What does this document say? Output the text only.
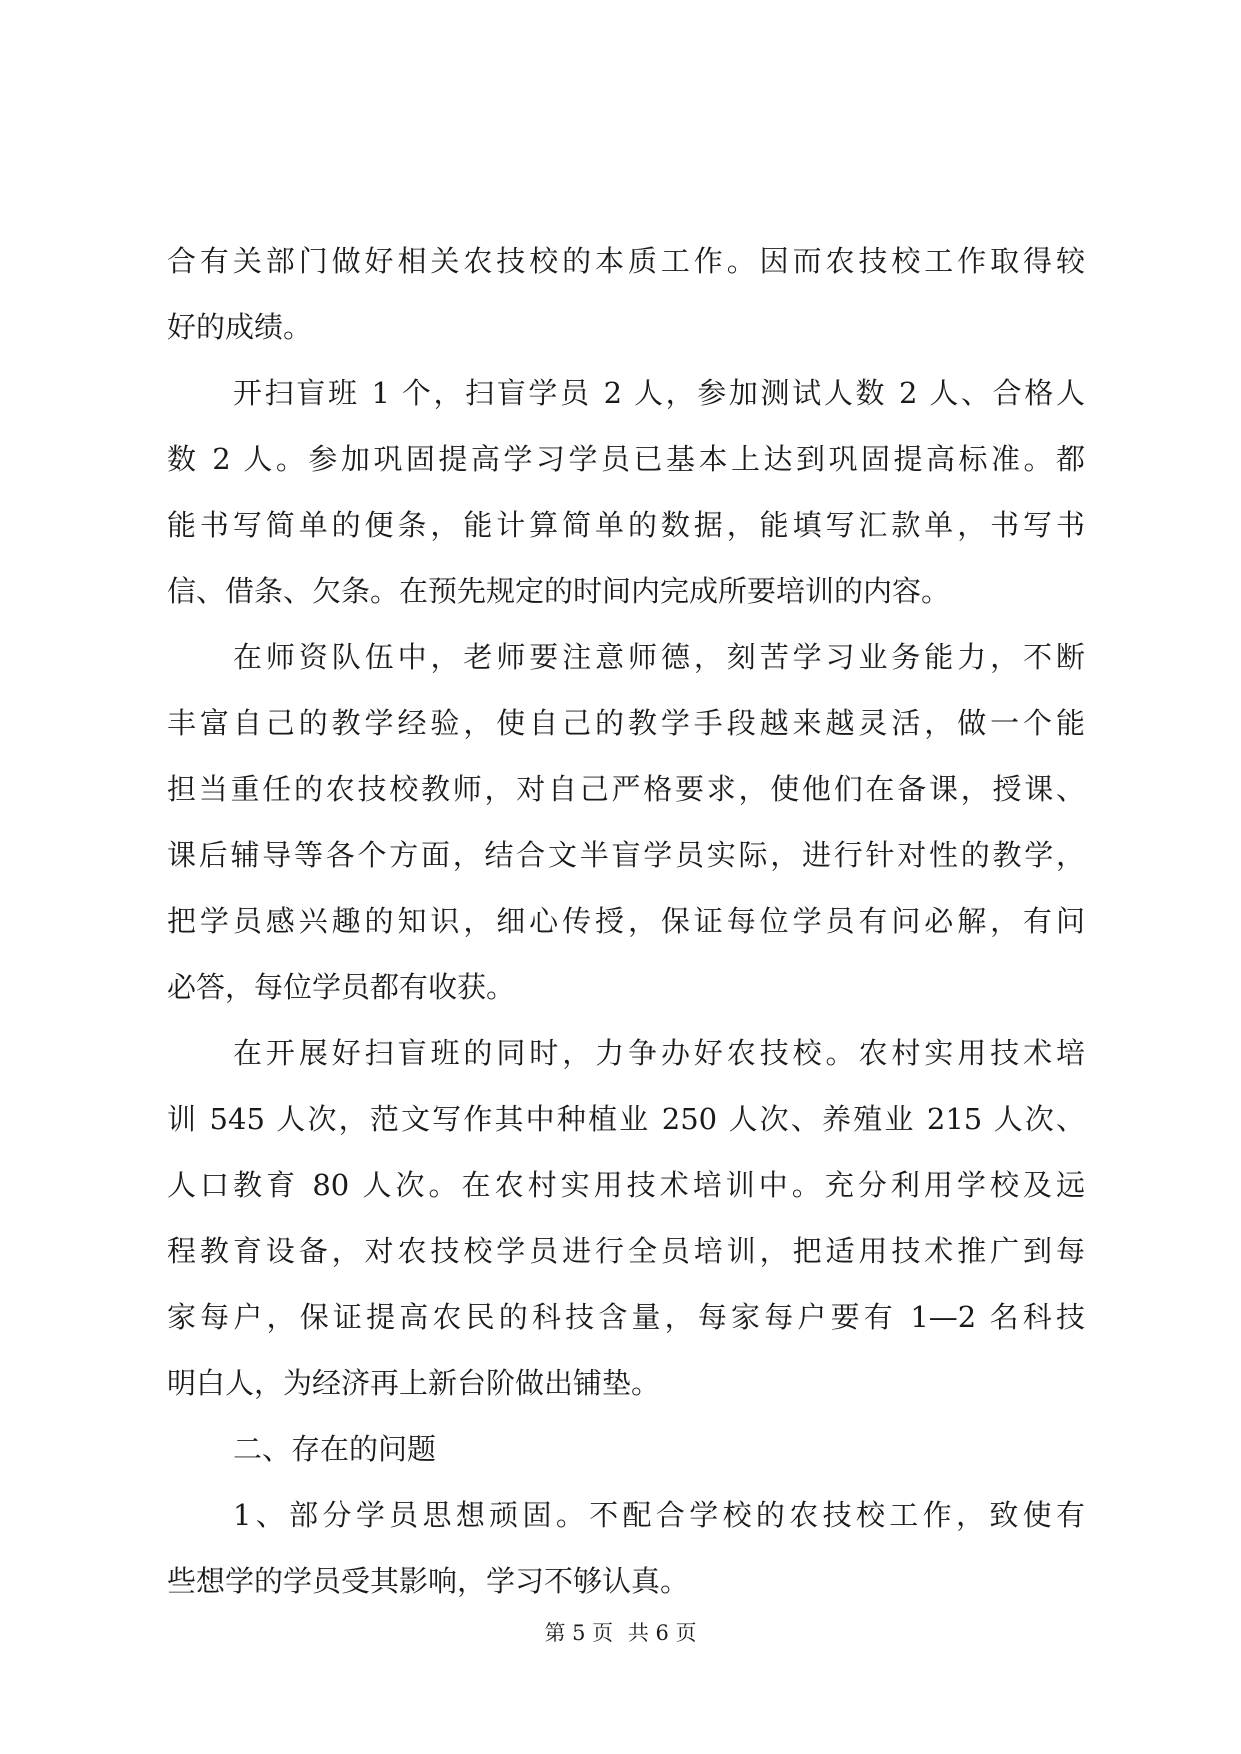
合有关部门做好相关农技校的本质工作。因而农技校工作取得较
好的成绩。
开扫盲班 1 个，扫盲学员 2 人，参加测试人数 2 人、合格人
数 2 人。参加巩固提高学习学员已基本上达到巩固提高标准。都
能书写简单的便条，能计算简单的数据，能填写汇款单，书写书
信、借条、欠条。在预先规定的时间内完成所要培训的内容。
在师资队伍中，老师要注意师德，刻苦学习业务能力，不断
丰富自己的教学经验，使自己的教学手段越来越灵活，做一个能
担当重任的农技校教师，对自己严格要求，使他们在备课，授课、
课后辅导等各个方面，结合文半盲学员实际，进行针对性的教学，
把学员感兴趣的知识，细心传授，保证每位学员有问必解，有问
必答，每位学员都有收获。
在开展好扫盲班的同时，力争办好农技校。农村实用技术培
训 545 人次，范文写作其中种植业 250 人次、养殖业 215 人次、
人口教育 80 人次。在农村实用技术培训中。充分利用学校及远
程教育设备，对农技校学员进行全员培训，把适用技术推广到每
家每户，保证提高农民的科技含量，每家每户要有 1—2 名科技
明白人，为经济再上新台阶做出铺垫。
二、存在的问题
1、部分学员思想顽固。不配合学校的农技校工作，致使有
些想学的学员受其影响，学习不够认真。
第 5 页 共 6 页
